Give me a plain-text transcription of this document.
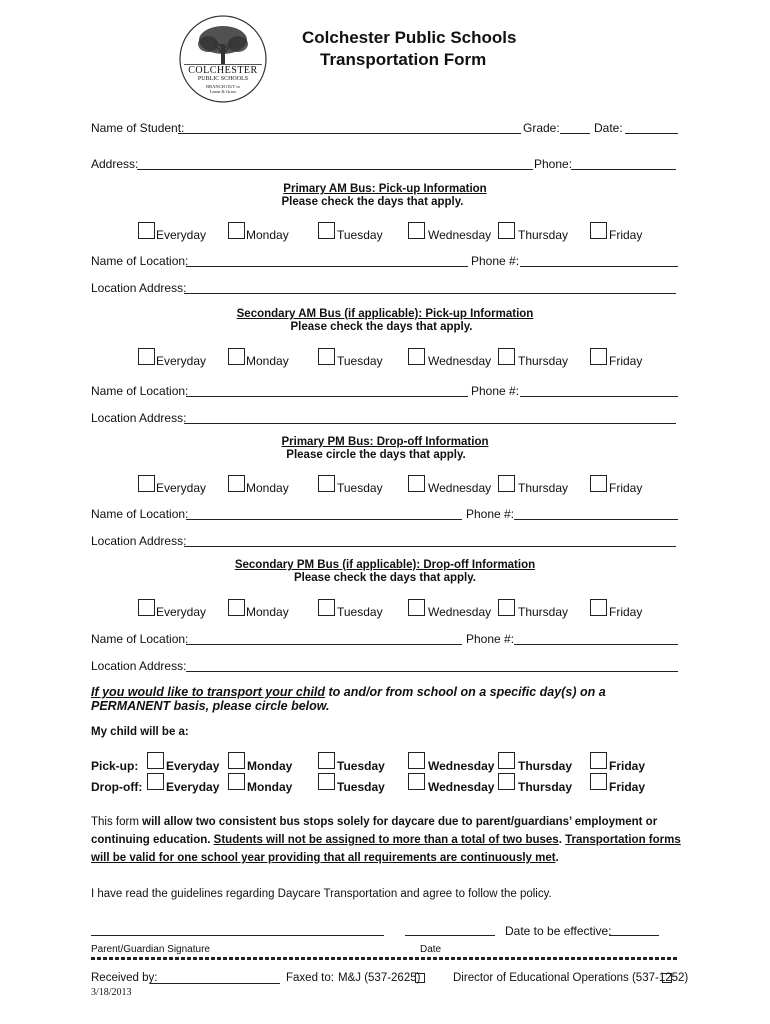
COLCHESTER
PUBLIC SCHOOLS
BRANCH OUT to
Learn & Grow
Colchester Public Schools
Transportation Form
Name of Student:	Grade:	Date:
Address:	Phone:
Primary AM Bus: Pick-up Information
Please check the days that apply.
Everyday	Monday	Tuesday	Wednesday Thursday	Friday
Name of Location:	Phone #:
Location Address:
Secondary AM Bus (if applicable): Pick-up Information
Please check the days that apply.
Everyday	Monday	Tuesday	Wednesday Thursday	Friday
Name of Location:	Phone #:
Location Address:
Primary PM Bus: Drop-off Information
Please circle the days that apply.
Everyday	Monday	Tuesday	Wednesday Thursday	Friday
Name of Location:	Phone #:
Location Address:
Secondary PM Bus (if applicable): Drop-off Information
Please check the days that apply.
Everyday	Monday	Tuesday	Wednesday Thursday	Friday
Name of Location:	Phone #:
Location Address:
If you would like to transport your child to and/or from school on a specific day(s) on a
PERMANENT basis, please circle below.
My child will be a:
Pick-up: Everyday Monday	Tuesday	Wednesday Thursday	Friday
Drop-off: Everyday Monday	Tuesday	Wednesday Thursday	Friday
This form will allow two consistent bus stops solely for daycare due to parent/guardians’ employment or
continuing education. Students will not be assigned to more than a total of two buses. Transportation forms
will be valid for one school year providing that all requirements are continuously met.
I have read the guidelines regarding Daycare Transportation and agree to follow the policy.
Date to be effective:
Parent/Guardian Signature	Date
Received by:	Faxed to: M&J (537-2625)	Director of Educational Operations (537-1252)
3/18/2013
